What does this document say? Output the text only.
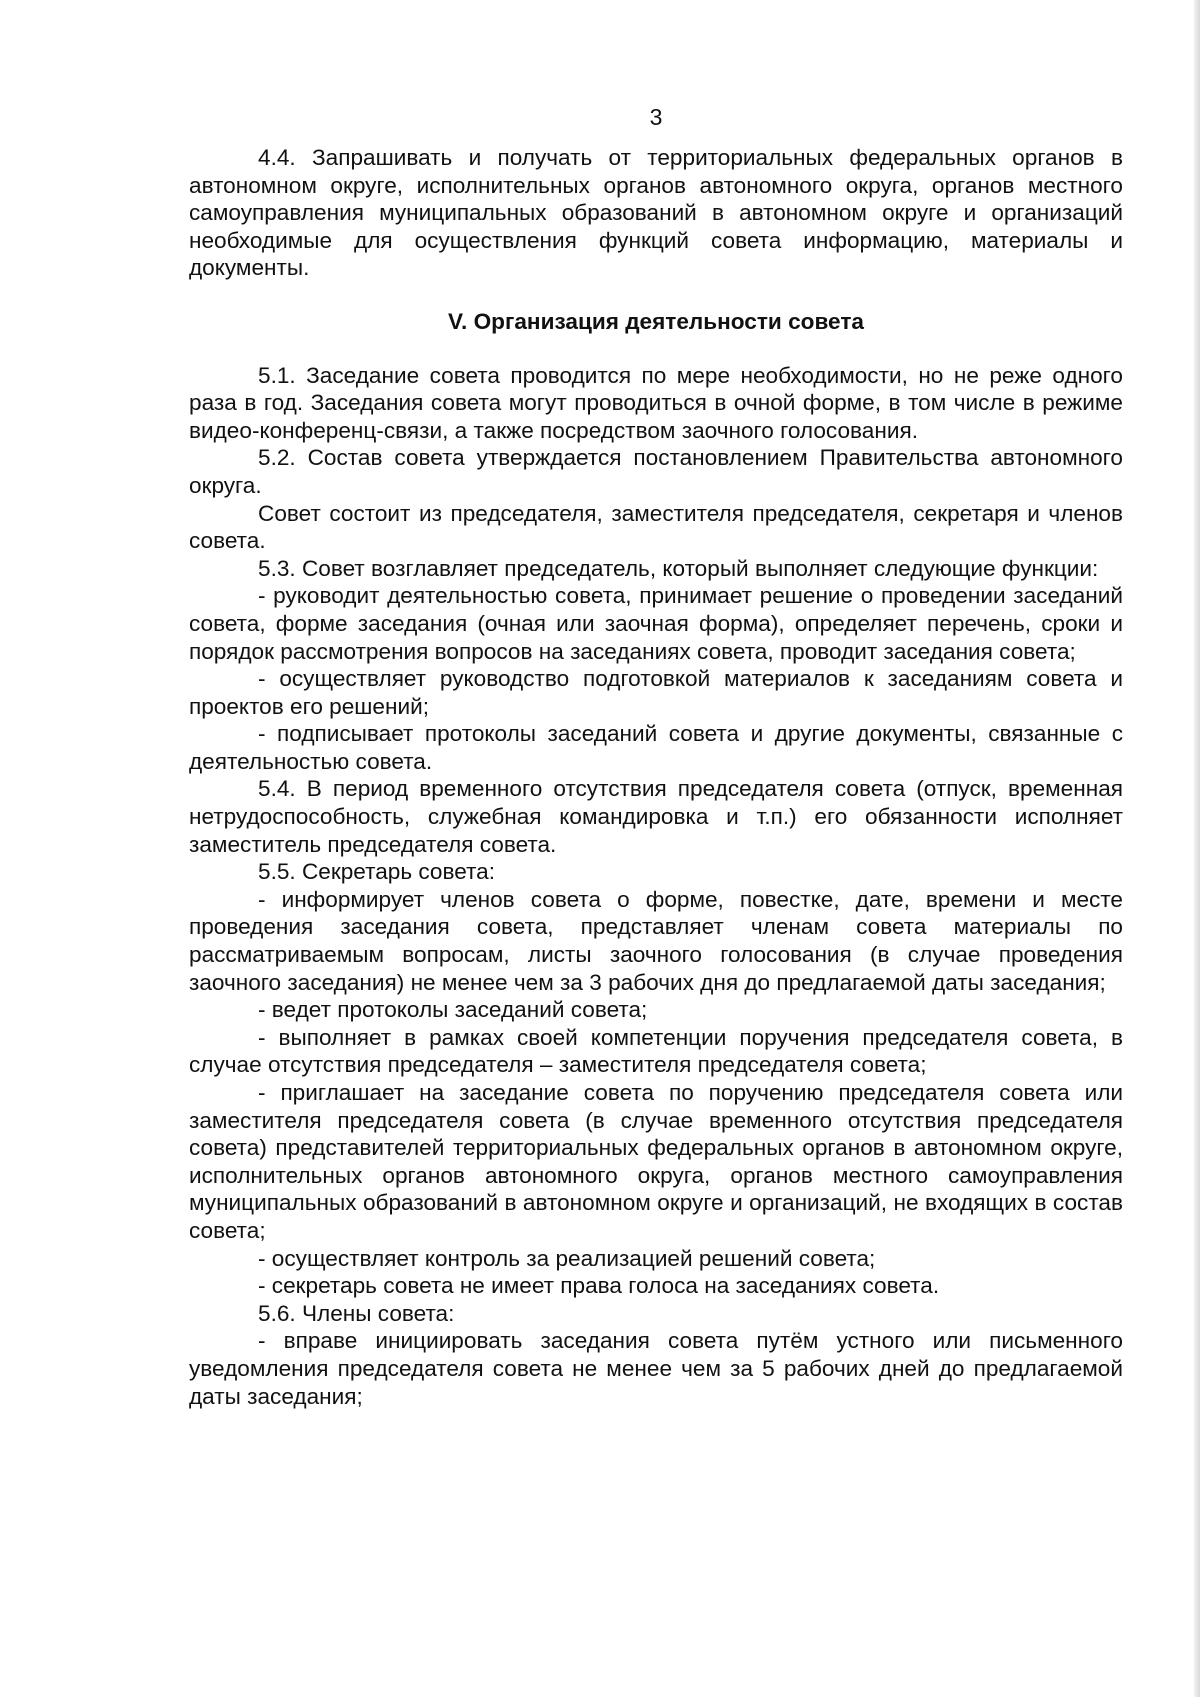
3

4.4. Запрашивать и получать от территориальных федеральных органов в автономном округе, исполнительных органов автономного округа, органов местного самоуправления муниципальных образований в автономном округе и организаций необходимые для осуществления функций совета информацию, материалы и документы.

V. Организация деятельности совета

5.1. Заседание совета проводится по мере необходимости, но не реже одного раза в год. Заседания совета могут проводиться в очной форме, в том числе в режиме видео-конференц-связи, а также посредством заочного голосования.

5.2. Состав совета утверждается постановлением Правительства автономного округа.

Совет состоит из председателя, заместителя председателя, секретаря и членов совета.

5.3. Совет возглавляет председатель, который выполняет следующие функции:

- руководит деятельностью совета, принимает решение о проведении заседаний совета, форме заседания (очная или заочная форма), определяет перечень, сроки и порядок рассмотрения вопросов на заседаниях совета, проводит заседания совета;

- осуществляет руководство подготовкой материалов к заседаниям совета и проектов его решений;

- подписывает протоколы заседаний совета и другие документы, связанные с деятельностью совета.

5.4. В период временного отсутствия председателя совета (отпуск, временная нетрудоспособность, служебная командировка и т.п.) его обязанности исполняет заместитель председателя совета.

5.5. Секретарь совета:

- информирует членов совета о форме, повестке, дате, времени и месте проведения заседания совета, представляет членам совета материалы по рассматриваемым вопросам, листы заочного голосования (в случае проведения заочного заседания) не менее чем за 3 рабочих дня до предлагаемой даты заседания;

- ведет протоколы заседаний совета;

- выполняет в рамках своей компетенции поручения председателя совета, в случае отсутствия председателя – заместителя председателя совета;

- приглашает на заседание совета по поручению председателя совета или заместителя председателя совета (в случае временного отсутствия председателя совета) представителей территориальных федеральных органов в автономном округе, исполнительных органов автономного округа, органов местного самоуправления муниципальных образований в автономном округе и организаций, не входящих в состав совета;

- осуществляет контроль за реализацией решений совета;

- секретарь совета не имеет права голоса на заседаниях совета.

5.6. Члены совета:

- вправе инициировать заседания совета путём устного или письменного уведомления председателя совета не менее чем за 5 рабочих дней до предлагаемой даты заседания;
